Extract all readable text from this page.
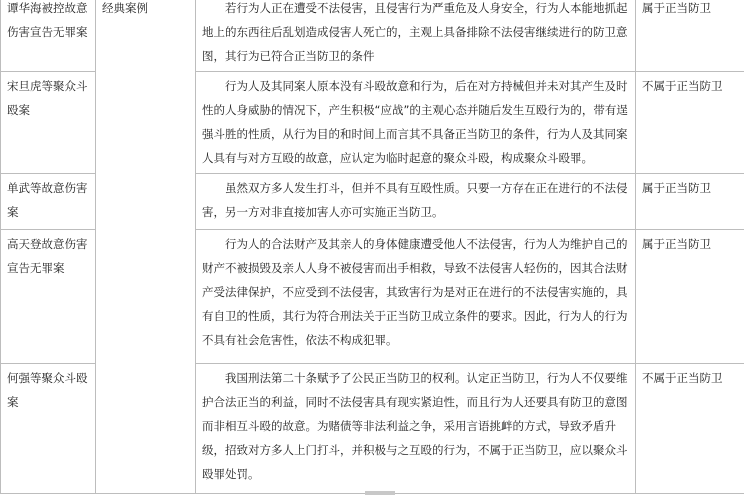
谭华海被控故意伤害宣告无罪案	经典案例	若行为人正在遭受不法侵害，且侵害行为严重危及人身安全，行为人本能地抓起地上的东西往后乱划造成侵害人死亡的，主观上具备排除不法侵害继续进行的防卫意图，其行为已符合正当防卫的条件	属于正当防卫
宋旦虎等聚众斗殴案		行为人及其同案人原本没有斗殴故意和行为，后在对方持械但并未对其产生及时性的人身威胁的情况下，产生积极“应战”的主观心态并随后发生互殴行为的，带有逞强斗胜的性质，从行为目的和时间上而言其不具备正当防卫的条件，行为人及其同案人具有与对方互殴的故意，应认定为临时起意的聚众斗殴，构成聚众斗殴罪。	不属于正当防卫
单武等故意伤害案		虽然双方多人发生打斗，但并不具有互殴性质。只要一方存在正在进行的不法侵害，另一方对非直接加害人亦可实施正当防卫。	属于正当防卫
高天登故意伤害宣告无罪案		行为人的合法财产及其亲人的身体健康遭受他人不法侵害，行为人为维护自己的财产不被损毁及亲人人身不被侵害而出手相救，导致不法侵害人轻伤的，因其合法财产受法律保护，不应受到不法侵害，其致害行为是对正在进行的不法侵害实施的，具有自卫的性质，其行为符合刑法关于正当防卫成立条件的要求。因此，行为人的行为不具有社会危害性，依法不构成犯罪。	属于正当防卫
何强等聚众斗殴案		我国刑法第二十条赋予了公民正当防卫的权利。认定正当防卫，行为人不仅要维护合法正当的利益，同时不法侵害具有现实紧迫性，而且行为人还要具有防卫的意图而非相互斗殴的故意。为赌债等非法利益之争，采用言语挑衅的方式，导致矛盾升级，招致对方多人上门打斗，并积极与之互殴的行为，不属于正当防卫，应以聚众斗殴罪处罚。	不属于正当防卫
